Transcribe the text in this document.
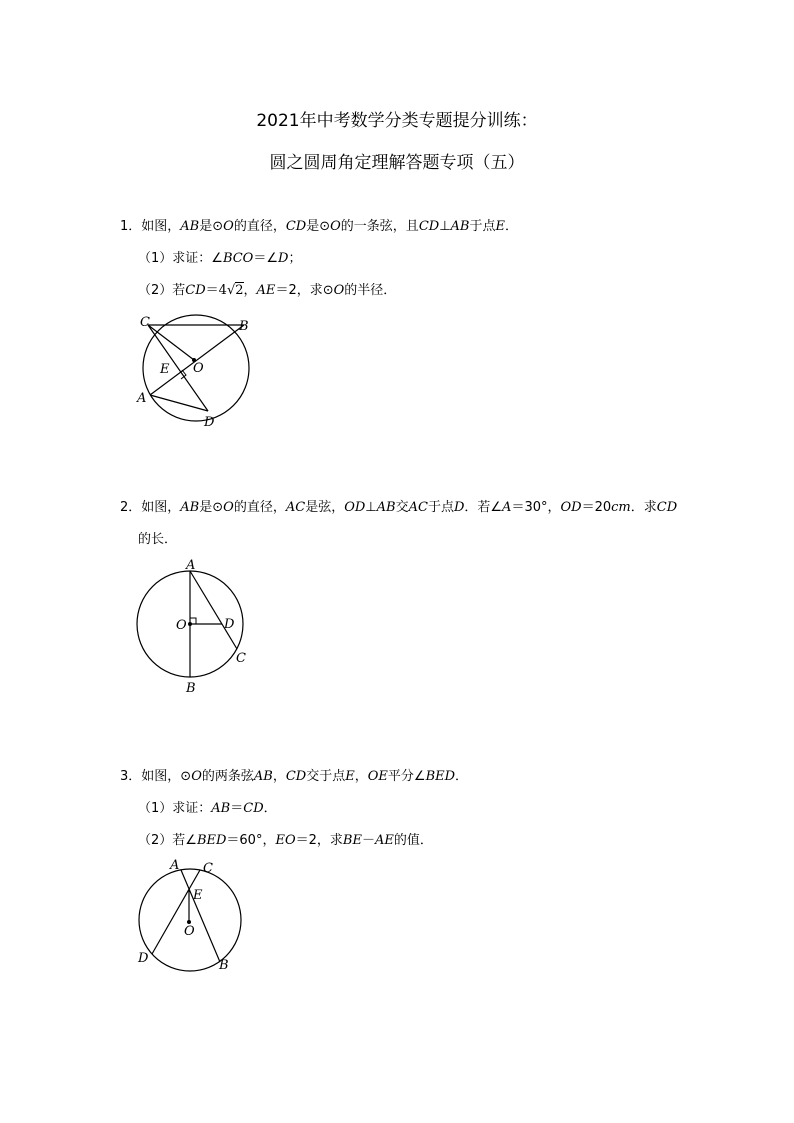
2021年中考数学分类专题提分训练：
圆之圆周角定理解答题专项（五）
1．如图，AB是⊙O的直径，CD是⊙O的一条弦，且CD⊥AB于点E．
（1）求证：∠BCO＝∠D；
（2）若CD＝4√2，AE＝2，求⊙O的半径．
C	B
O
E
A
D
2．如图，AB是⊙O的直径，AC是弦，OD⊥AB交AC于点D．若∠A＝30°，OD＝20cm．求CD
的长．
A
O	D
C
B
3．如图，⊙O的两条弦AB，CD交于点E，OE平分∠BED．
（1）求证：AB＝CD．
（2）若∠BED＝60°，EO＝2，求BE－AE的值．
A C
E
O
D	B
